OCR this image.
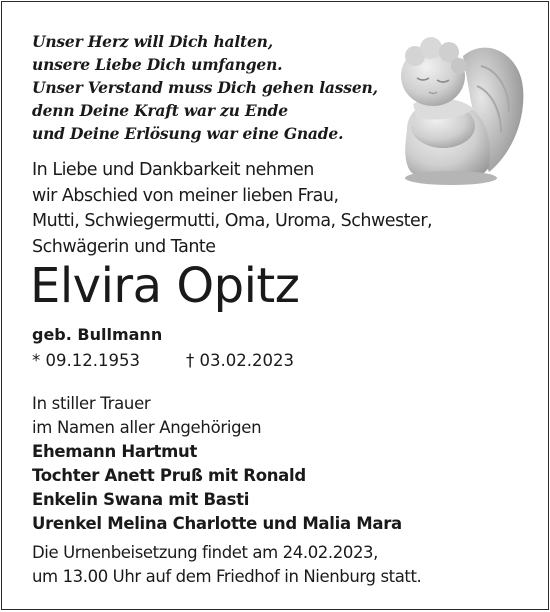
Unser Herz will Dich halten,
unsere Liebe Dich umfangen.
Unser Verstand muss Dich gehen lassen,
denn Deine Kraft war zu Ende
und Deine Erlösung war eine Gnade.
In Liebe und Dankbarkeit nehmen
wir Abschied von meiner lieben Frau,
Mutti, Schwiegermutti, Oma, Uroma, Schwester,
Schwägerin und Tante
Elvira Opitz
geb. Bullmann
* 09.12.1953	† 03.02.2023
In stiller Trauer
im Namen aller Angehörigen
Ehemann Hartmut
Tochter Anett Pruß mit Ronald
Enkelin Swana mit Basti
Urenkel Melina Charlotte und Malia Mara
Die Urnenbeisetzung findet am 24.02.2023,
um 13.00 Uhr auf dem Friedhof in Nienburg statt.
